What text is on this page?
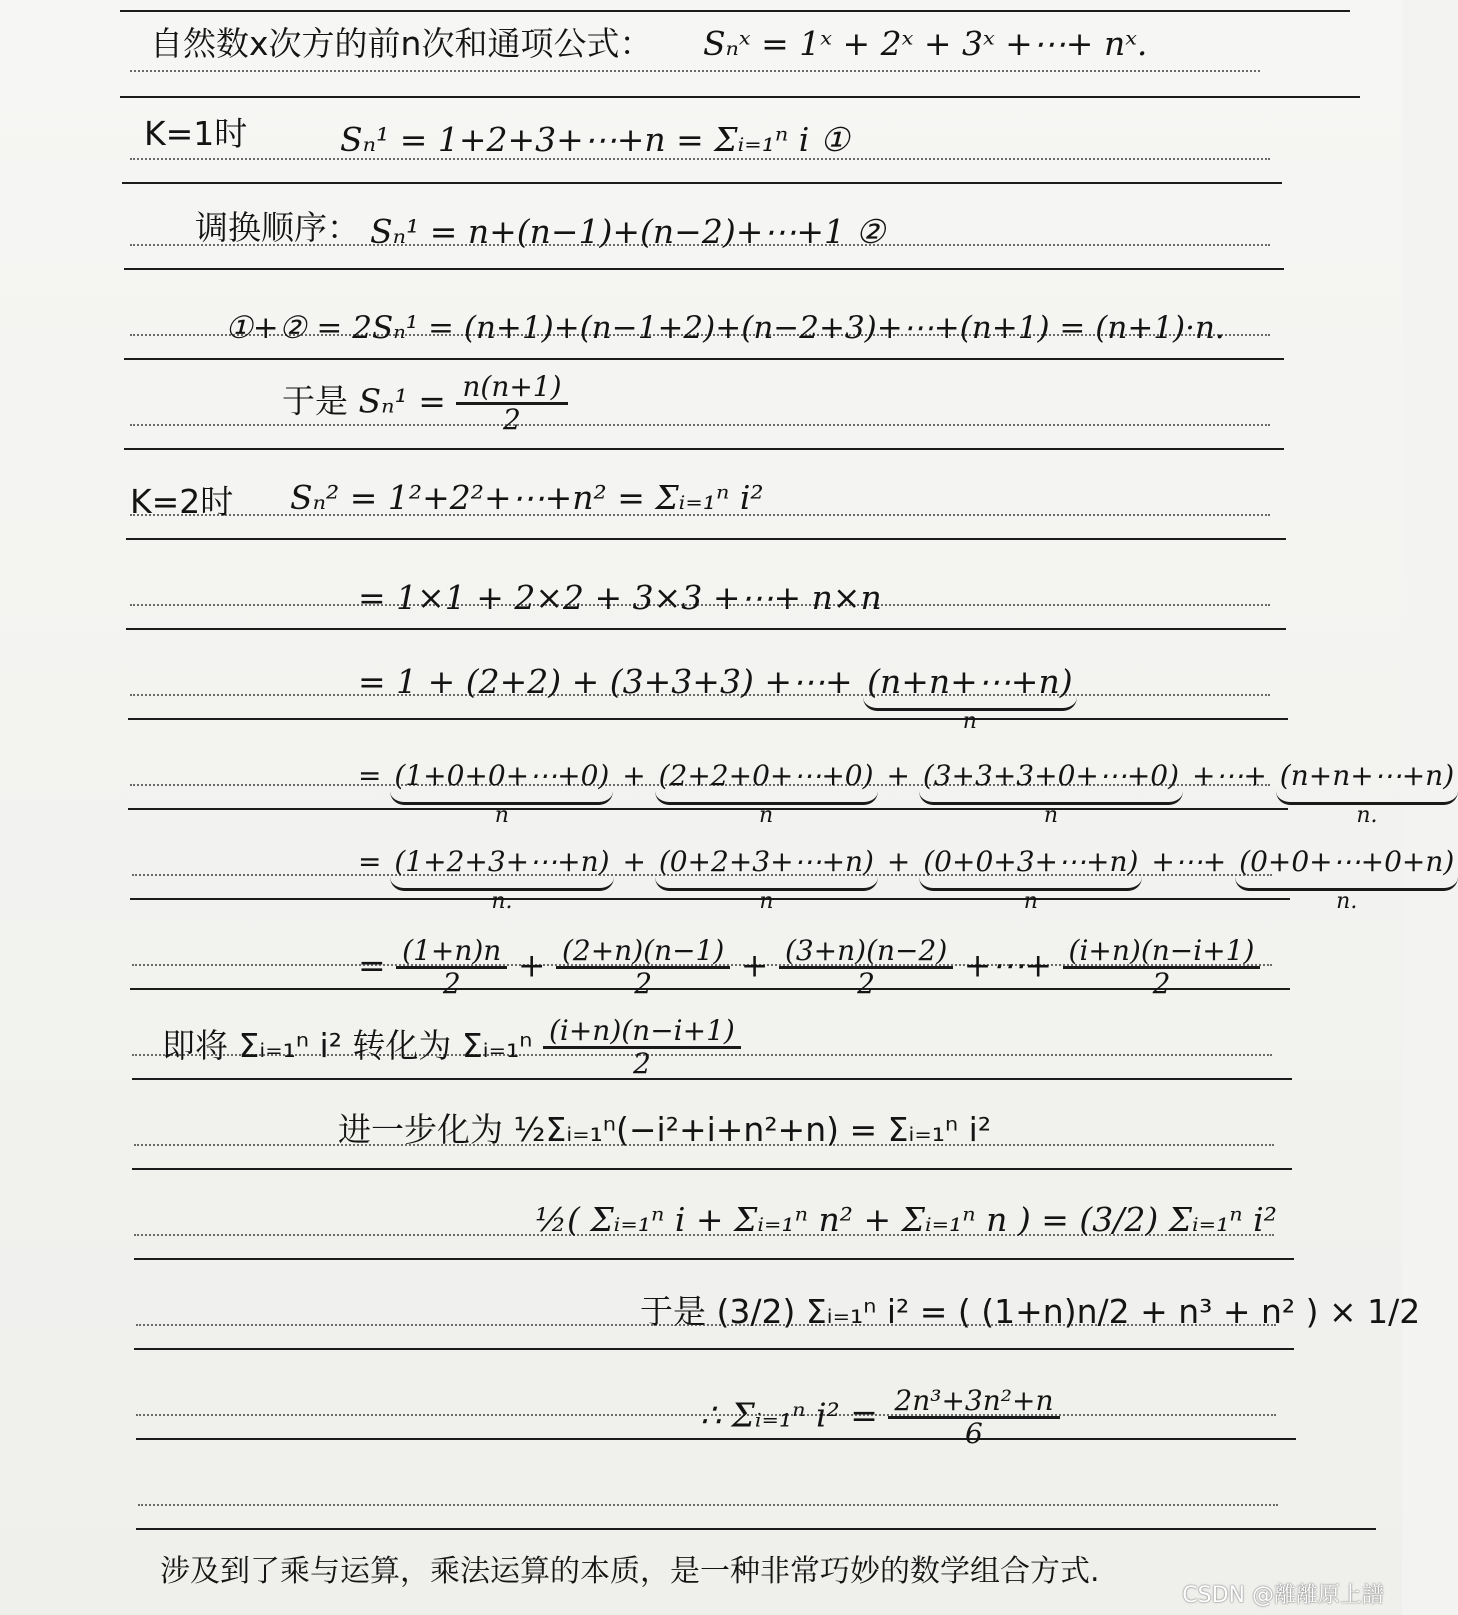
自然数x次方的前n次和通项公式： Sₙˣ = 1ˣ + 2ˣ + 3ˣ +⋯+ nˣ.
K=1时	Sₙ¹ = 1+2+3+⋯+n = Σᵢ₌₁ⁿ i ①
调换顺序： Sₙ¹ = n+(n−1)+(n−2)+⋯+1 ②
①+② = 2Sₙ¹ = (n+1)+(n−1+2)+(n−2+3)+⋯+(n+1) = (n+1)·n.
于是 $S_n^1 = \frac{n(n+1)}{2}$
K=2时 Sₙ² = 1²+2²+⋯+n² = Σᵢ₌₁ⁿ i²
= 1×1 + 2×2 + 3×3 +⋯+ n×n
= 1 + (2+2) + (3+3+3) +⋯+ (n+n+⋯+n)
n
= (1+0+0+⋯+0)
n
+ (2+2+0+⋯+0)
n
+ (3+3+3+0+⋯+0)
n
+⋯+ (n+n+⋯+n)
n.
= (1+2+3+⋯+n)
n.
+ (0+2+3+⋯+n)
n
+ (0+0+3+⋯+n)
n
+⋯+ (0+0+⋯+0+n)
n.
= $\frac{(1+n)n}{2} + \frac{(2+n)(n-1)}{2} + \frac{(3+n)(n-2)}{2}$ +⋯+ $\frac{(i+n)(n-i+1)}{2}$
即将 Σᵢ₌₁ⁿ i² 转化为 Σᵢ₌₁ⁿ $\frac{(i+n)(n-i+1)}{2}$
进一步化为 ½Σᵢ₌₁ⁿ(−i²+i+n²+n) = Σᵢ₌₁ⁿ i²
½( Σᵢ₌₁ⁿ i + Σᵢ₌₁ⁿ n² + Σᵢ₌₁ⁿ n ) = (3/2) Σᵢ₌₁ⁿ i²
于是 (3/2) Σᵢ₌₁ⁿ i² = ( (1+n)n/2 + n³ + n² ) × 1/2
∴ Σᵢ₌₁ⁿ $i^2 = \frac{\text{2n³+3n²+n}}{6}$
涉及到了乘与运算，乘法运算的本质，是一种非常巧妙的数学组合方式.
CSDN @離離原上譜
